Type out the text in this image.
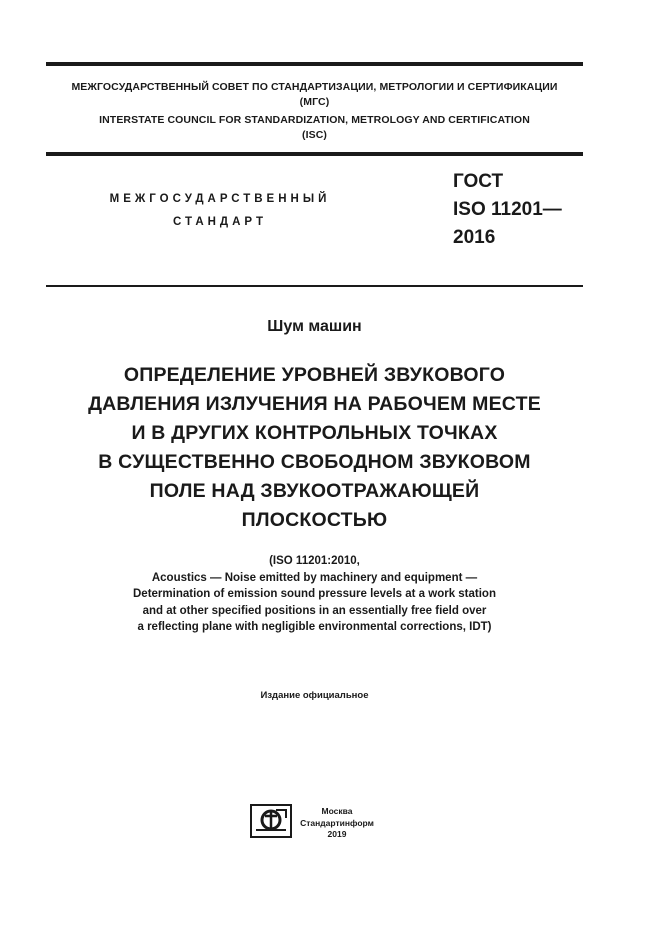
МЕЖГОСУДАРСТВЕННЫЙ СОВЕТ ПО СТАНДАРТИЗАЦИИ, МЕТРОЛОГИИ И СЕРТИФИКАЦИИ
(МГС)
INTERSTATE COUNCIL FOR STANDARDIZATION, METROLOGY AND CERTIFICATION
(ISC)
МЕЖГОСУДАРСТВЕННЫЙ
СТАНДАРТ
ГОСТ
ISO 11201—
2016
Шум машин
ОПРЕДЕЛЕНИЕ УРОВНЕЙ ЗВУКОВОГО
ДАВЛЕНИЯ ИЗЛУЧЕНИЯ НА РАБОЧЕМ МЕСТЕ
И В ДРУГИХ КОНТРОЛЬНЫХ ТОЧКАХ
В СУЩЕСТВЕННО СВОБОДНОМ ЗВУКОВОМ
ПОЛЕ НАД ЗВУКООТРАЖАЮЩЕЙ
ПЛОСКОСТЬЮ
(ISO 11201:2010,
Acoustics — Noise emitted by machinery and equipment —
Determination of emission sound pressure levels at a work station
and at other specified positions in an essentially free field over
a reflecting plane with negligible environmental corrections, IDT)
Издание официальное
Москва
Стандартинформ
2019
